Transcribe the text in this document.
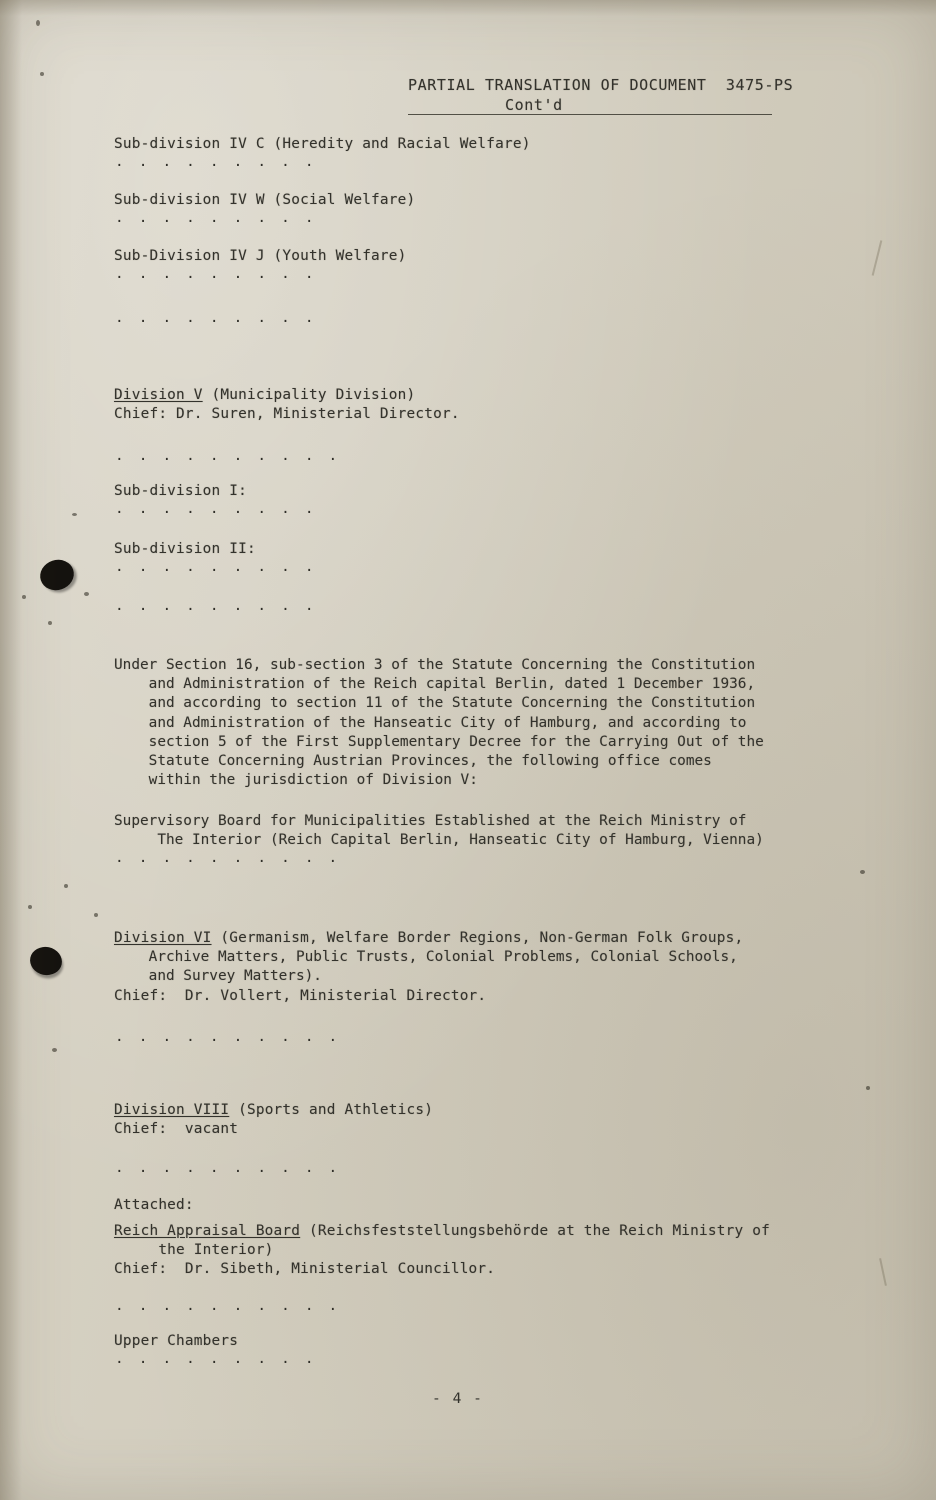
PARTIAL TRANSLATION OF DOCUMENT  3475-PS
Cont'd
Sub-division IV C (Heredity and Racial Welfare)
. . . . . . . . .
Sub-division IV W (Social Welfare)
. . . . . . . . .
Sub-Division IV J (Youth Welfare)
. . . . . . . . .
. . . . . . . . .
Division V (Municipality Division)
Chief: Dr. Suren, Ministerial Director.
. . . . . . . . . .
Sub-division I:
. . . . . . . . .
Sub-division II:
. . . . . . . . .
. . . . . . . . .
Under Section 16, sub-section 3 of the Statute Concerning the Constitution
and Administration of the Reich capital Berlin, dated 1 December 1936,
and according to section 11 of the Statute Concerning the Constitution
and Administration of the Hanseatic City of Hamburg, and according to
section 5 of the First Supplementary Decree for the Carrying Out of the
Statute Concerning Austrian Provinces, the following office comes
within the jurisdiction of Division V:
Supervisory Board for Municipalities Established at the Reich Ministry of
The Interior (Reich Capital Berlin, Hanseatic City of Hamburg, Vienna)
. . . . . . . . . .
Division VI (Germanism, Welfare Border Regions, Non-German Folk Groups,
Archive Matters, Public Trusts, Colonial Problems, Colonial Schools,
and Survey Matters).
Chief:  Dr. Vollert, Ministerial Director.
. . . . . . . . . .
Division VIII (Sports and Athletics)
Chief:  vacant
. . . . . . . . . .
Attached:
Reich Appraisal Board (Reichsfeststellungsbehörde at the Reich Ministry of
the Interior)
Chief:  Dr. Sibeth, Ministerial Councillor.
. . . . . . . . . .
Upper Chambers
. . . . . . . . .
- 4 -
